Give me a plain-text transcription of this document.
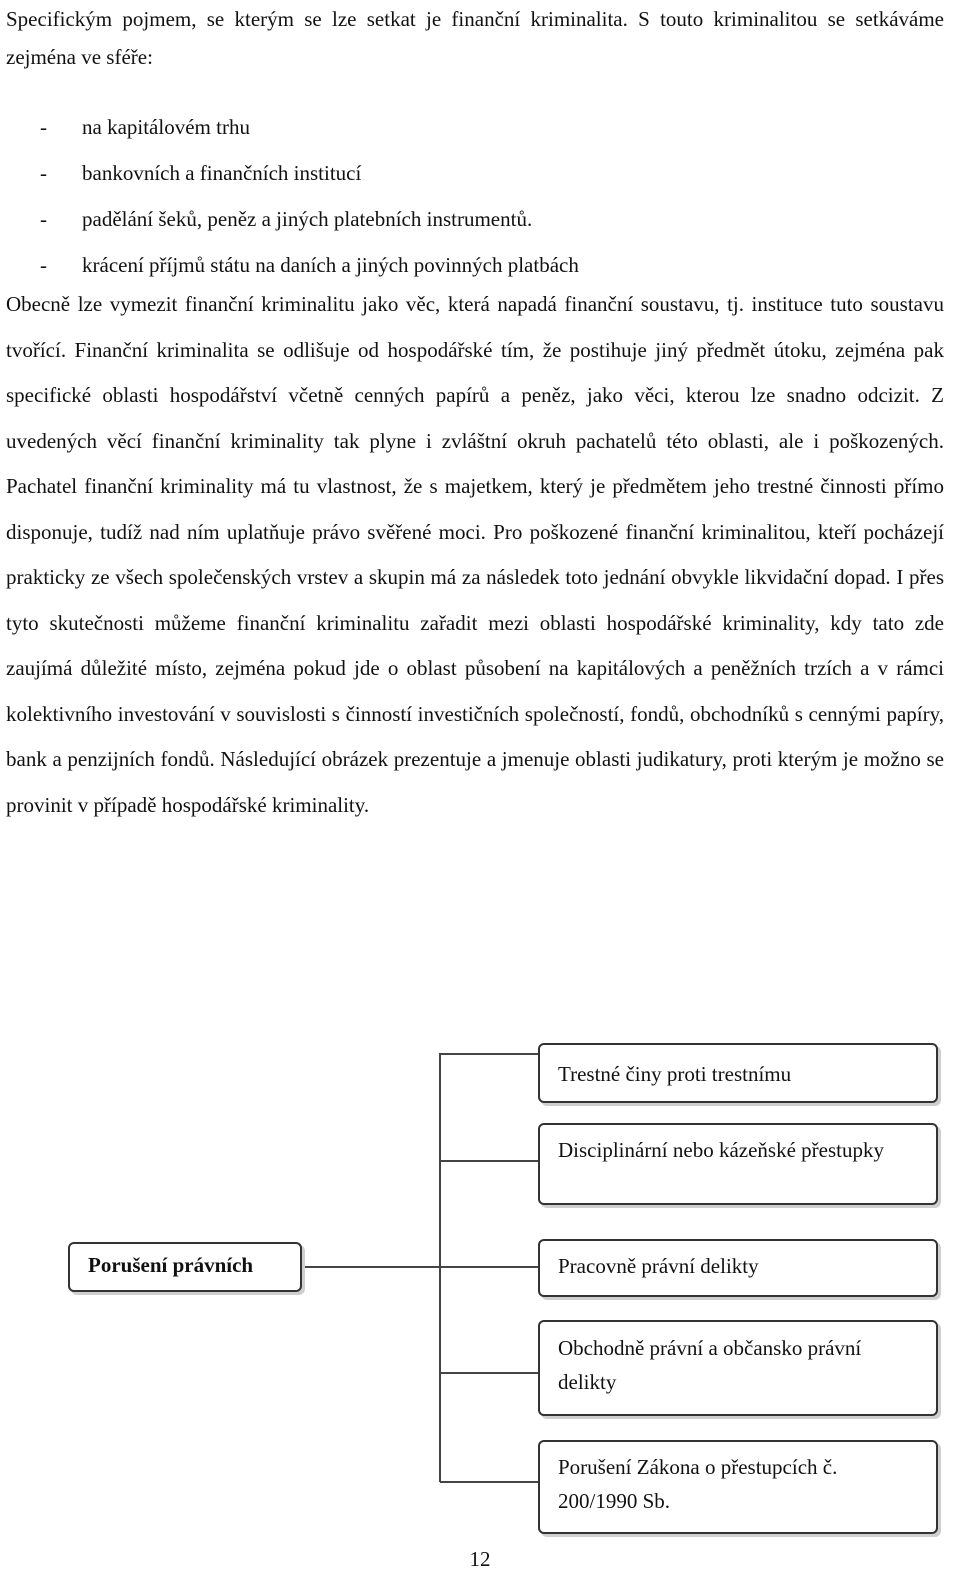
Specifickým pojmem, se kterým se lze setkat je finanční kriminalita. S touto kriminalitou se setkáváme zejména ve sféře:
- na kapitálovém trhu
- bankovních a finančních institucí
- padělání šeků, peněz a jiných platebních instrumentů.
- krácení příjmů státu na daních a jiných povinných platbách

Obecně lze vymezit finanční kriminalitu jako věc, která napadá finanční soustavu, tj. instituce tuto soustavu tvořící. Finanční kriminalita se odlišuje od hospodářské tím, že postihuje jiný předmět útoku, zejména pak specifické oblasti hospodářství včetně cenných papírů a peněz, jako věci, kterou lze snadno odcizit. Z uvedených věcí finanční kriminality tak plyne i zvláštní okruh pachatelů této oblasti, ale i poškozených. Pachatel finanční kriminality má tu vlastnost, že s majetkem, který je předmětem jeho trestné činnosti přímo disponuje, tudíž nad ním uplatňuje právo svěřené moci. Pro poškozené finanční kriminalitou, kteří pocházejí prakticky ze všech společenských vrstev a skupin má za následek toto jednání obvykle likvidační dopad. I přes tyto skutečnosti můžeme finanční kriminalitu zařadit mezi oblasti hospodářské kriminality, kdy tato zde zaujímá důležité místo, zejména pokud jde o oblast působení na kapitálových a peněžních trzích a v rámci kolektivního investování v souvislosti s činností investičních společností, fondů, obchodníků s cennými papíry, bank a penzijních fondů. Následující obrázek prezentuje a jmenuje oblasti judikatury, proti kterým je možno se provinit v případě hospodářské kriminality.

Porušení právních
Trestné činy proti trestnímu
Disciplinární nebo kázeňské přestupky
Pracovně právní delikty
Obchodně právní a občansko právní delikty
Porušení Zákona o přestupcích č. 200/1990 Sb.
12
